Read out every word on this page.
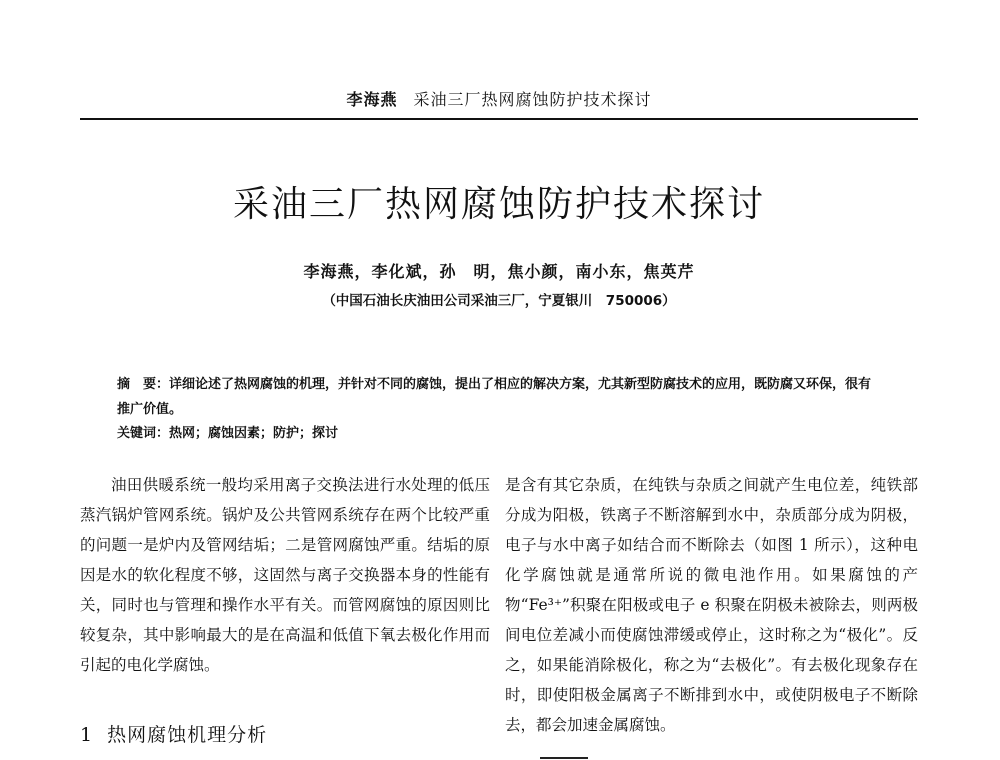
李海燕 采油三厂热网腐蚀防护技术探讨
采油三厂热网腐蚀防护技术探讨
李海燕，李化斌，孙　明，焦小颜，南小东，焦英芹
（中国石油长庆油田公司采油三厂，宁夏银川　750006）
摘　要：详细论述了热网腐蚀的机理，并针对不同的腐蚀，提出了相应的解决方案，尤其新型防腐技术的应用，既防腐又环保，很有推广价值。
关键词：热网；腐蚀因素；防护；探讨

油田供暖系统一般均采用离子交换法进行水处理的低压蒸汽锅炉管网系统。锅炉及公共管网系统存在两个比较严重的问题一是炉内及管网结垢；二是管网腐蚀严重。结垢的原因是水的软化程度不够，这固然与离子交换器本身的性能有关，同时也与管理和操作水平有关。而管网腐蚀的原因则比较复杂，其中影响最大的是在高温和低值下氧去极化作用而引起的电化学腐蚀。

是含有其它杂质，在纯铁与杂质之间就产生电位差，纯铁部分成为阳极，铁离子不断溶解到水中，杂质部分成为阴极，电子与水中离子如结合而不断除去（如图 1 所示），这种电化学腐蚀就是通常所说的微电池作用。如果腐蚀的产物“Fe³⁺”积聚在阳极或电子 e 积聚在阴极未被除去，则两极间电位差减小而使腐蚀滞缓或停止，这时称之为“极化”。反之，如果能消除极化，称之为“去极化”。有去极化现象存在时，即使阳极金属离子不断排到水中，或使阴极电子不断除去，都会加速金属腐蚀。

1 热网腐蚀机理分析
